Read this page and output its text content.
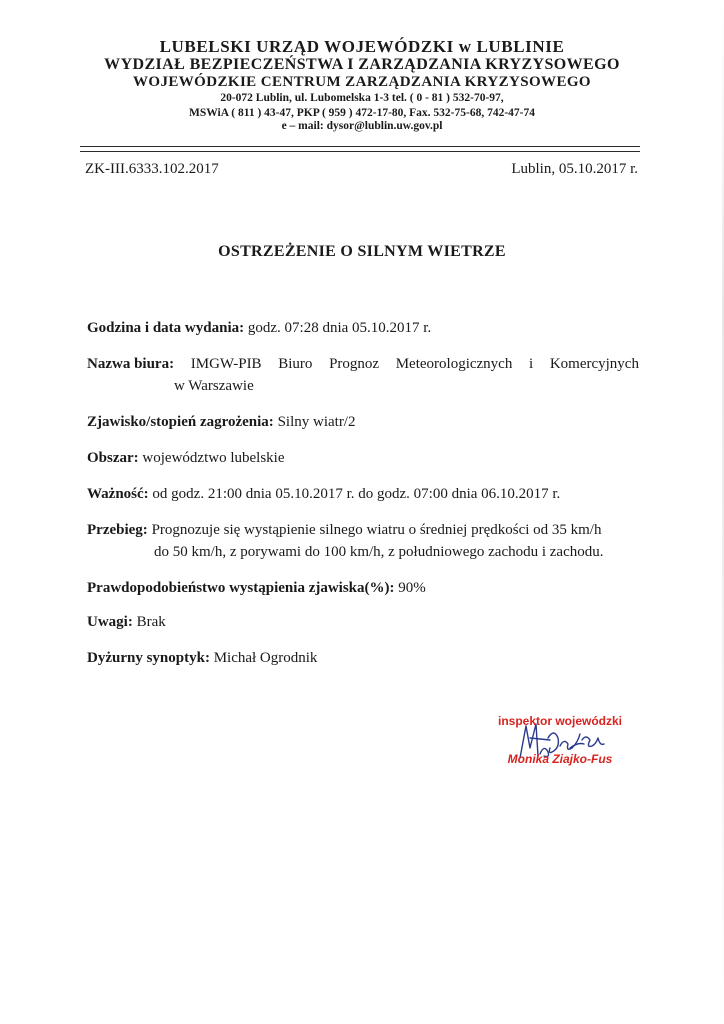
LUBELSKI URZĄD WOJEWÓDZKI w LUBLINIE
WYDZIAŁ BEZPIECZEŃSTWA I ZARZĄDZANIA KRYZYSOWEGO
WOJEWÓDZKIE CENTRUM ZARZĄDZANIA KRYZYSOWEGO
20-072 Lublin, ul. Lubomelska 1-3 tel. ( 0 - 81 ) 532-70-97,
MSWiA ( 811 ) 43-47, PKP ( 959 ) 472-17-80, Fax. 532-75-68, 742-47-74
e – mail: dysor@lublin.uw.gov.pl
ZK-III.6333.102.2017	Lublin, 05.10.2017 r.
OSTRZEŻENIE O SILNYM WIETRZE
Godzina i data wydania: godz. 07:28 dnia 05.10.2017 r.
Nazwa biura: IMGW-PIB Biuro Prognoz Meteorologicznych i Komercyjnych
w Warszawie
Zjawisko/stopień zagrożenia: Silny wiatr/2
Obszar: województwo lubelskie
Ważność: od godz. 21:00 dnia 05.10.2017 r. do godz. 07:00 dnia 06.10.2017 r.
Przebieg: Prognozuje się wystąpienie silnego wiatru o średniej prędkości od 35 km/h
do 50 km/h, z porywami do 100 km/h, z południowego zachodu i zachodu.
Prawdopodobieństwo wystąpienia zjawiska(%): 90%
Uwagi: Brak
Dyżurny synoptyk: Michał Ogrodnik
inspektor wojewódzki
Monika Ziajko-Fus
